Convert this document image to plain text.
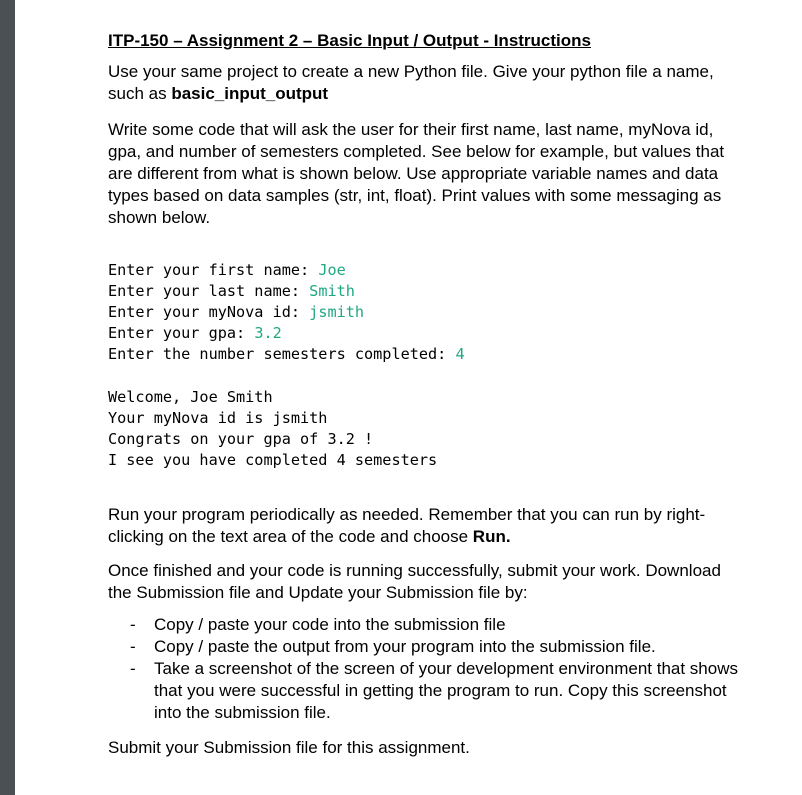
ITP-150 – Assignment 2 – Basic Input / Output - Instructions
Use your same project to create a new Python file. Give your python file a name, such as basic_input_output
Write some code that will ask the user for their first name, last name, myNova id, gpa, and number of semesters completed. See below for example, but values that are different from what is shown below. Use appropriate variable names and data types based on data samples (str, int, float). Print values with some messaging as shown below.
Enter your first name: Joe
Enter your last name: Smith
Enter your myNova id: jsmith
Enter your gpa: 3.2
Enter the number semesters completed: 4
Welcome, Joe Smith
Your myNova id is jsmith
Congrats on your gpa of 3.2 !
I see you have completed 4 semesters
Run your program periodically as needed. Remember that you can run by right-clicking on the text area of the code and choose Run.
Once finished and your code is running successfully, submit your work. Download the Submission file and Update your Submission file by:
- Copy / paste your code into the submission file
- Copy / paste the output from your program into the submission file.
- Take a screenshot of the screen of your development environment that shows that you were successful in getting the program to run. Copy this screenshot into the submission file.
Submit your Submission file for this assignment.
